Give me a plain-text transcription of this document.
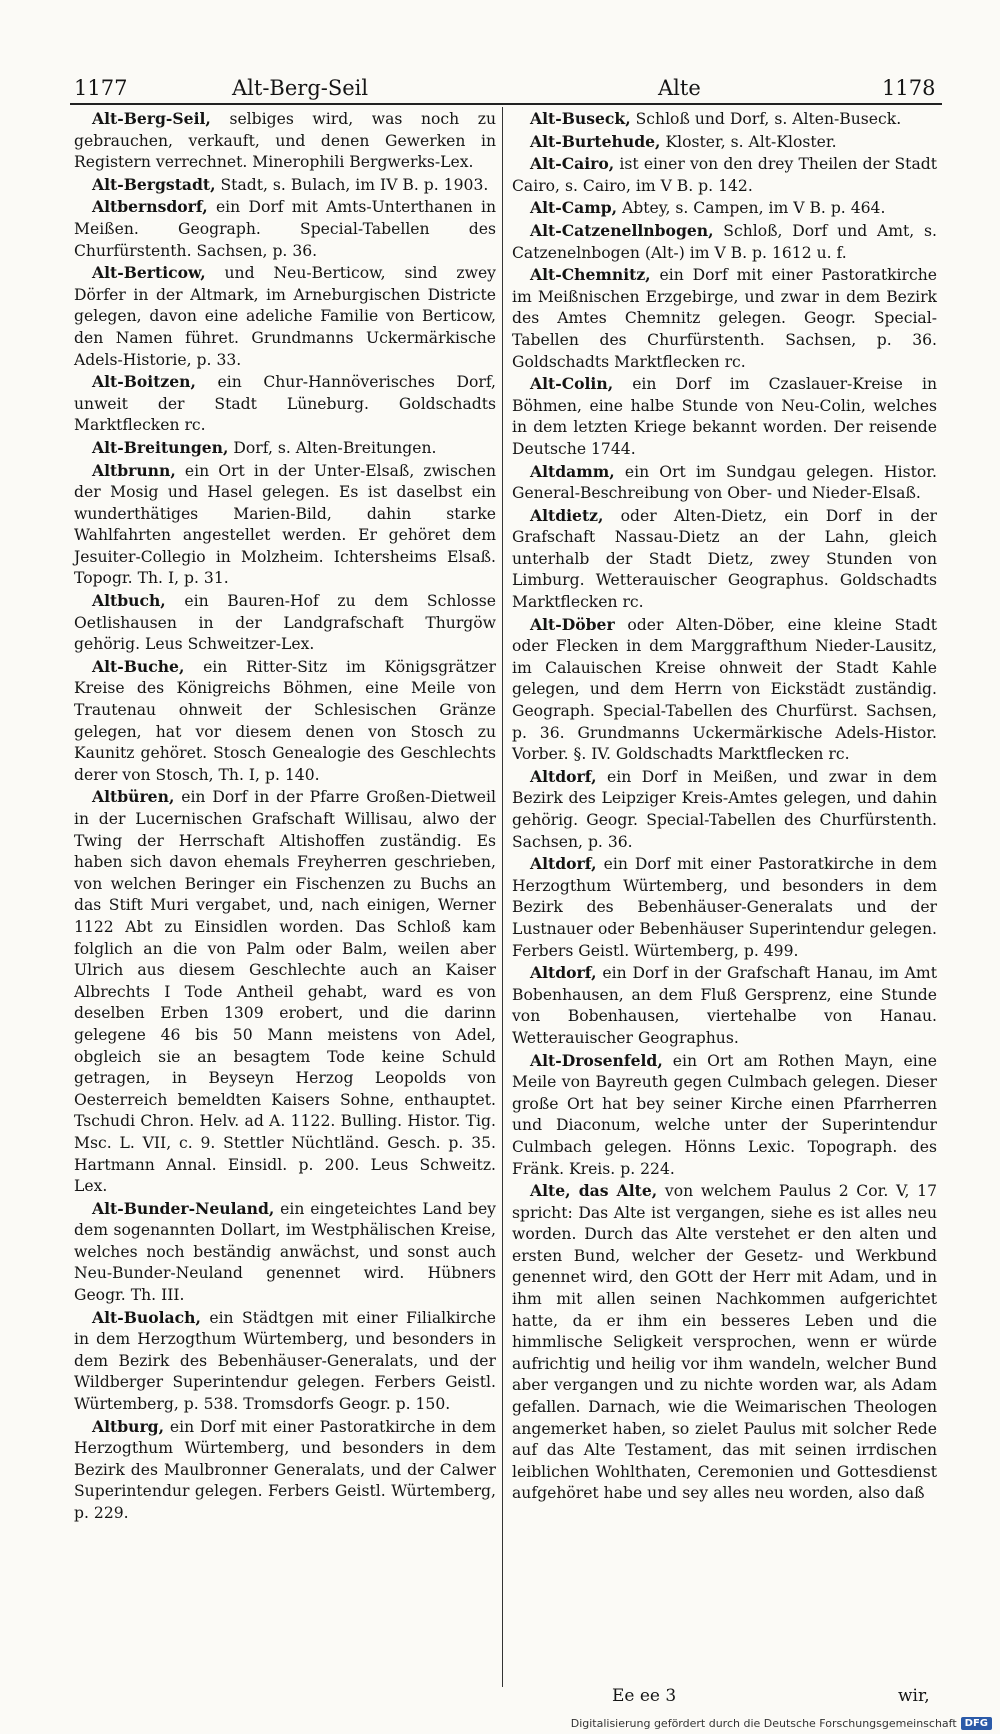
1177	Alt-Berg-Seil	Alte	1178
Alt-Berg-Seil, selbiges wird, was noch zu gebrauchen, verkauft, und denen Gewerken in Registern verrechnet. Minerophili Bergwerks-Lex.
Alt-Bergstadt, Stadt, s. Bulach, im IV B. p. 1903.
Altbernsdorf, ein Dorf mit Amts-Unterthanen in Meißen. Geograph. Special-Tabellen des Churfürstenth. Sachsen, p. 36.
Alt-Berticow, und Neu-Berticow, sind zwey Dörfer in der Altmark, im Arneburgischen Districte gelegen, davon eine adeliche Familie von Berticow, den Namen führet. Grundmanns Uckermärkische Adels-Historie, p. 33.
Alt-Boitzen, ein Chur-Hannöverisches Dorf, unweit der Stadt Lüneburg. Goldschadts Marktflecken rc.
Alt-Breitungen, Dorf, s. Alten-Breitungen.
Altbrunn, ein Ort in der Unter-Elsaß, zwischen der Mosig und Hasel gelegen. Es ist daselbst ein wunderthätiges Marien-Bild, dahin starke Wahlfahrten angestellet werden. Er gehöret dem Jesuiter-Collegio in Molzheim. Ichtersheims Elsaß. Topogr. Th. I, p. 31.
Altbuch, ein Bauren-Hof zu dem Schlosse Oetlishausen in der Landgrafschaft Thurgöw gehörig. Leus Schweitzer-Lex.
Alt-Buche, ein Ritter-Sitz im Königsgrätzer Kreise des Königreichs Böhmen, eine Meile von Trautenau ohnweit der Schlesischen Gränze gelegen, hat vor diesem denen von Stosch zu Kaunitz gehöret. Stosch Genealogie des Geschlechts derer von Stosch, Th. I, p. 140.
Altbüren, ein Dorf in der Pfarre Großen-Dietweil in der Lucernischen Grafschaft Willisau, alwo der Twing der Herrschaft Altishoffen zuständig. Es haben sich davon ehemals Freyherren geschrieben, von welchen Beringer ein Fischenzen zu Buchs an das Stift Muri vergabet, und, nach einigen, Werner 1122 Abt zu Einsidlen worden. Das Schloß kam folglich an die von Palm oder Balm, weilen aber Ulrich aus diesem Geschlechte auch an Kaiser Albrechts I Tode Antheil gehabt, ward es von deselben Erben 1309 erobert, und die darinn gelegene 46 bis 50 Mann meistens von Adel, obgleich sie an besagtem Tode keine Schuld getragen, in Beyseyn Herzog Leopolds von Oesterreich bemeldten Kaisers Sohne, enthauptet. Tschudi Chron. Helv. ad A. 1122. Bulling. Histor. Tig. Msc. L. VII, c. 9. Stettler Nüchtländ. Gesch. p. 35. Hartmann Annal. Einsidl. p. 200. Leus Schweitz. Lex.
Alt-Bunder-Neuland, ein eingeteichtes Land bey dem sogenannten Dollart, im Westphälischen Kreise, welches noch beständig anwächst, und sonst auch Neu-Bunder-Neuland genennet wird. Hübners Geogr. Th. III.
Alt-Buolach, ein Städtgen mit einer Filialkirche in dem Herzogthum Würtemberg, und besonders in dem Bezirk des Bebenhäuser-Generalats, und der Wildberger Superintendur gelegen. Ferbers Geistl. Würtemberg, p. 538. Tromsdorfs Geogr. p. 150.
Altburg, ein Dorf mit einer Pastoratkirche in dem Herzogthum Würtemberg, und besonders in dem Bezirk des Maulbronner Generalats, und der Calwer Superintendur gelegen. Ferbers Geistl. Würtemberg, p. 229.
Alt-Buseck, Schloß und Dorf, s. Alten-Buseck.
Alt-Burtehude, Kloster, s. Alt-Kloster.
Alt-Cairo, ist einer von den drey Theilen der Stadt Cairo, s. Cairo, im V B. p. 142.
Alt-Camp, Abtey, s. Campen, im V B. p. 464.
Alt-Catzenellnbogen, Schloß, Dorf und Amt, s. Catzenelnbogen (Alt-) im V B. p. 1612 u. f.
Alt-Chemnitz, ein Dorf mit einer Pastoratkirche im Meißnischen Erzgebirge, und zwar in dem Bezirk des Amtes Chemnitz gelegen. Geogr. Special-Tabellen des Churfürstenth. Sachsen, p. 36. Goldschadts Marktflecken rc.
Alt-Colin, ein Dorf im Czaslauer-Kreise in Böhmen, eine halbe Stunde von Neu-Colin, welches in dem letzten Kriege bekannt worden. Der reisende Deutsche 1744.
Altdamm, ein Ort im Sundgau gelegen. Histor. General-Beschreibung von Ober- und Nieder-Elsaß.
Altdietz, oder Alten-Dietz, ein Dorf in der Grafschaft Nassau-Dietz an der Lahn, gleich unterhalb der Stadt Dietz, zwey Stunden von Limburg. Wetterauischer Geographus. Goldschadts Marktflecken rc.
Alt-Döber oder Alten-Döber, eine kleine Stadt oder Flecken in dem Marggrafthum Nieder-Lausitz, im Calauischen Kreise ohnweit der Stadt Kahle gelegen, und dem Herrn von Eickstädt zuständig. Geograph. Special-Tabellen des Churfürst. Sachsen, p. 36. Grundmanns Uckermärkische Adels-Histor. Vorber. §. IV. Goldschadts Marktflecken rc.
Altdorf, ein Dorf in Meißen, und zwar in dem Bezirk des Leipziger Kreis-Amtes gelegen, und dahin gehörig. Geogr. Special-Tabellen des Churfürstenth. Sachsen, p. 36.
Altdorf, ein Dorf mit einer Pastoratkirche in dem Herzogthum Würtemberg, und besonders in dem Bezirk des Bebenhäuser-Generalats und der Lustnauer oder Bebenhäuser Superintendur gelegen. Ferbers Geistl. Würtemberg, p. 499.
Altdorf, ein Dorf in der Grafschaft Hanau, im Amt Bobenhausen, an dem Fluß Gersprenz, eine Stunde von Bobenhausen, viertehalbe von Hanau. Wetterauischer Geographus.
Alt-Drosenfeld, ein Ort am Rothen Mayn, eine Meile von Bayreuth gegen Culmbach gelegen. Dieser große Ort hat bey seiner Kirche einen Pfarrherren und Diaconum, welche unter der Superintendur Culmbach gelegen. Hönns Lexic. Topograph. des Fränk. Kreis. p. 224.
Alte, das Alte, von welchem Paulus 2 Cor. V, 17 spricht: Das Alte ist vergangen, siehe es ist alles neu worden. Durch das Alte verstehet er den alten und ersten Bund, welcher der Gesetz- und Werkbund genennet wird, den GOtt der Herr mit Adam, und in ihm mit allen seinen Nachkommen aufgerichtet hatte, da er ihm ein besseres Leben und die himmlische Seligkeit versprochen, wenn er würde aufrichtig und heilig vor ihm wandeln, welcher Bund aber vergangen und zu nichte worden war, als Adam gefallen. Darnach, wie die Weimarischen Theologen angemerket haben, so zielet Paulus mit solcher Rede auf das Alte Testament, das mit seinen irrdischen leiblichen Wohlthaten, Ceremonien und Gottesdienst aufgehöret habe und sey alles neu worden, also daß
Ee ee 3	wir,
Digitalisierung gefördert durch die Deutsche Forschungsgemeinschaft DFG
